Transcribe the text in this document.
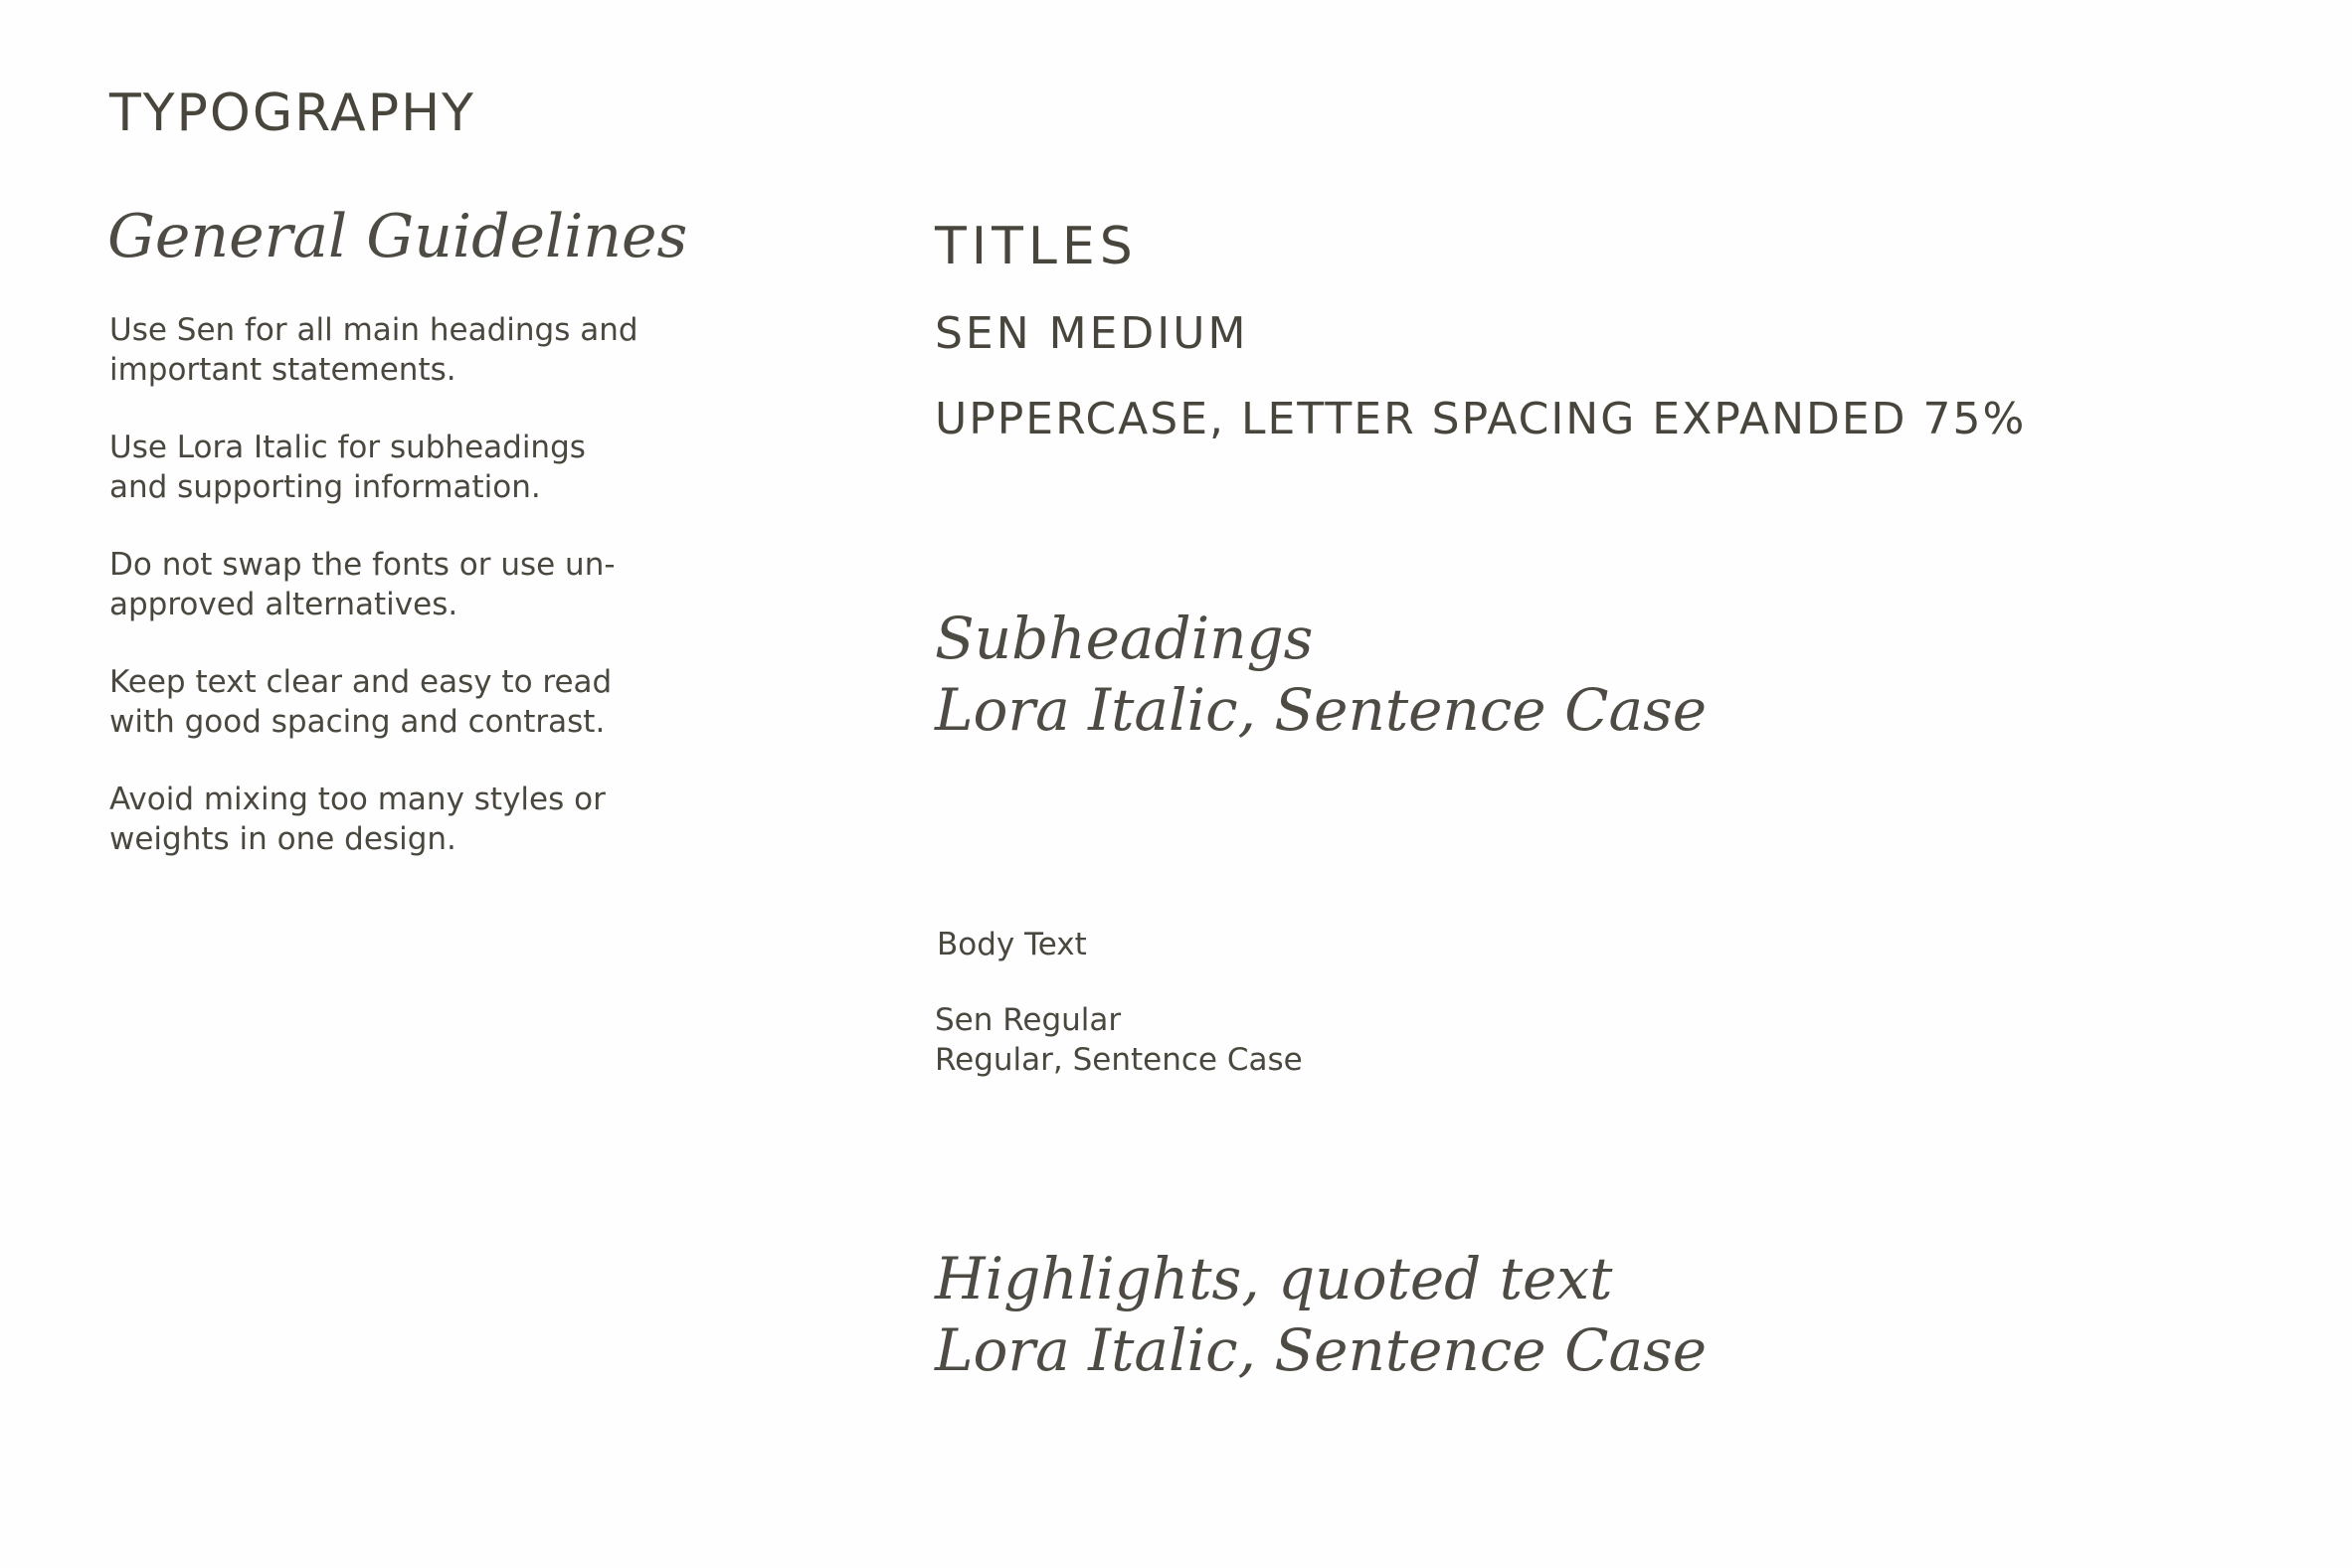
TYPOGRAPHY
General Guidelines

Use Sen for all main headings and
important statements.

Use Lora Italic for subheadings
and supporting information.

Do not swap the fonts or use un-
approved alternatives.

Keep text clear and easy to read
with good spacing and contrast.

Avoid mixing too many styles or
weights in one design.

TITLES

SEN MEDIUM

UPPERCASE, LETTER SPACING EXPANDED 75%

Subheadings
Lora Italic, Sentence Case
Body Text
Sen Regular
Regular, Sentence Case
Highlights, quoted text
Lora Italic, Sentence Case
